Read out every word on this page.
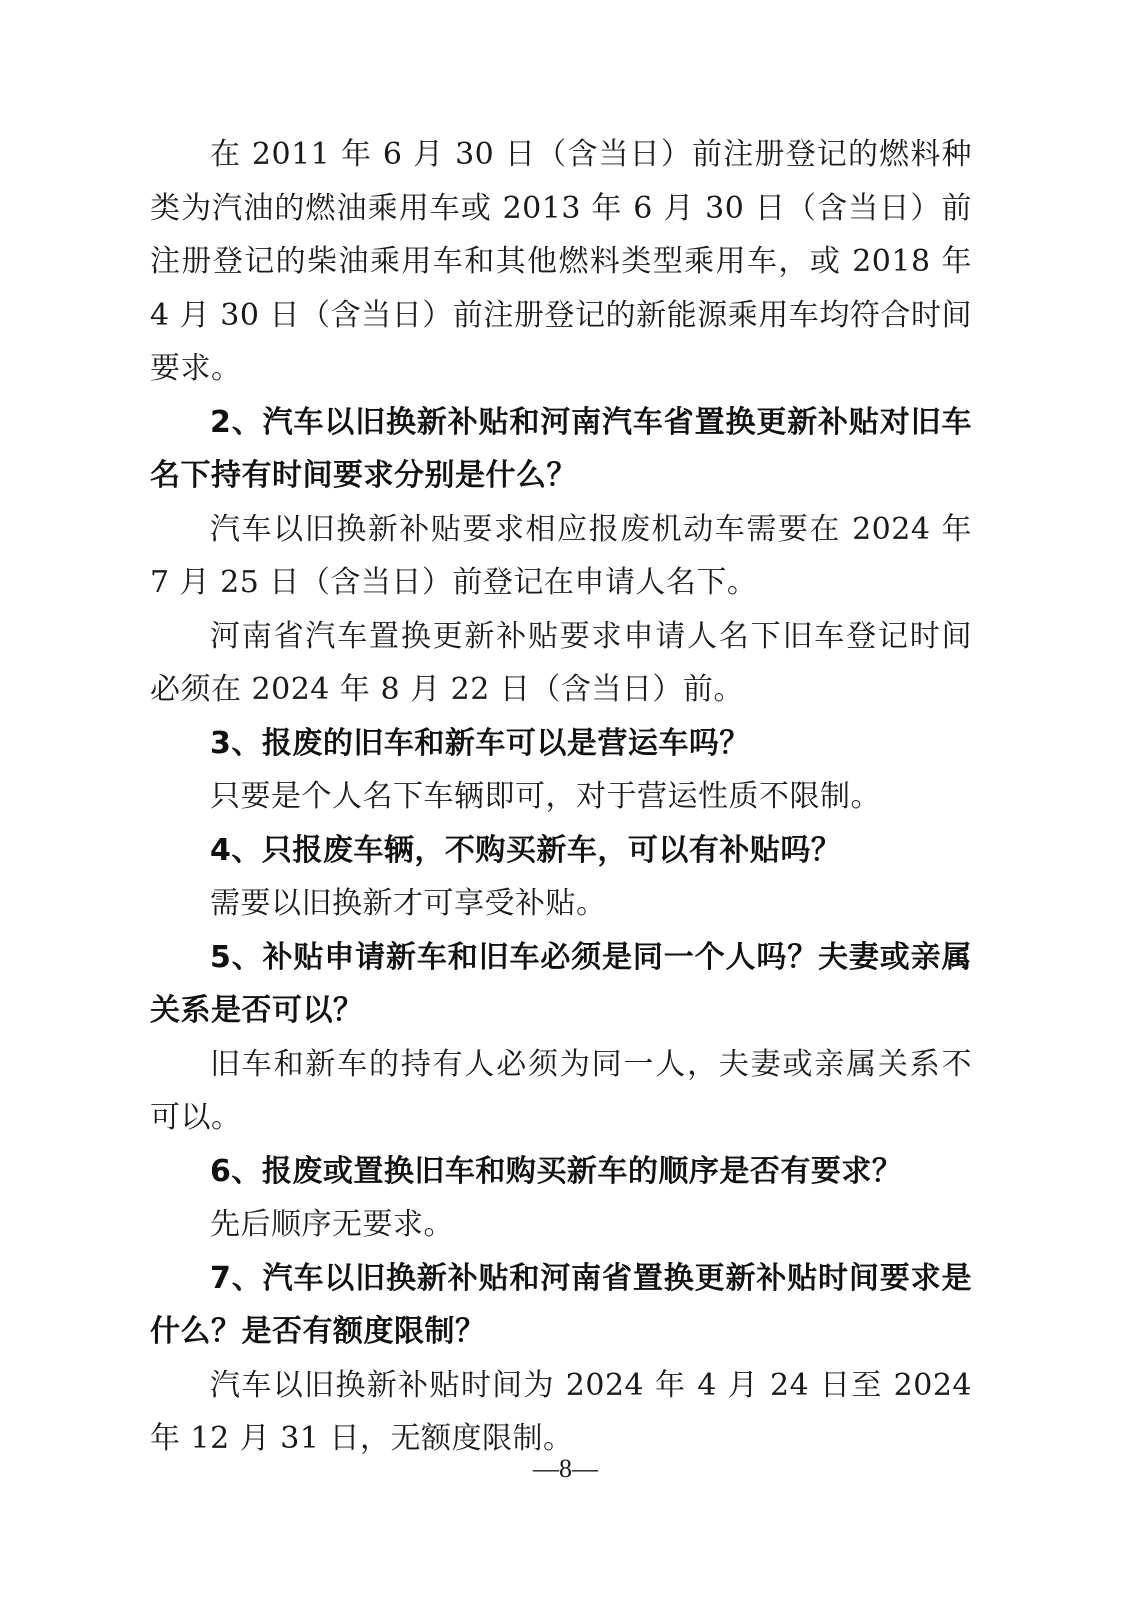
在 2011 年 6 月 30 日（含当日）前注册登记的燃料种类为汽油的燃油乘用车或 2013 年 6 月 30 日（含当日）前注册登记的柴油乘用车和其他燃料类型乘用车，或 2018 年 4 月 30 日（含当日）前注册登记的新能源乘用车均符合时间要求。

2、汽车以旧换新补贴和河南汽车省置换更新补贴对旧车名下持有时间要求分别是什么？

汽车以旧换新补贴要求相应报废机动车需要在 2024 年 7 月 25 日（含当日）前登记在申请人名下。

河南省汽车置换更新补贴要求申请人名下旧车登记时间必须在 2024 年 8 月 22 日（含当日）前。

3、报废的旧车和新车可以是营运车吗？

只要是个人名下车辆即可，对于营运性质不限制。

4、只报废车辆，不购买新车，可以有补贴吗？

需要以旧换新才可享受补贴。

5、补贴申请新车和旧车必须是同一个人吗？夫妻或亲属关系是否可以？

旧车和新车的持有人必须为同一人，夫妻或亲属关系不可以。

6、报废或置换旧车和购买新车的顺序是否有要求？

先后顺序无要求。

7、汽车以旧换新补贴和河南省置换更新补贴时间要求是什么？是否有额度限制？

汽车以旧换新补贴时间为 2024 年 4 月 24 日至 2024 年 12 月 31 日，无额度限制。

—8—
